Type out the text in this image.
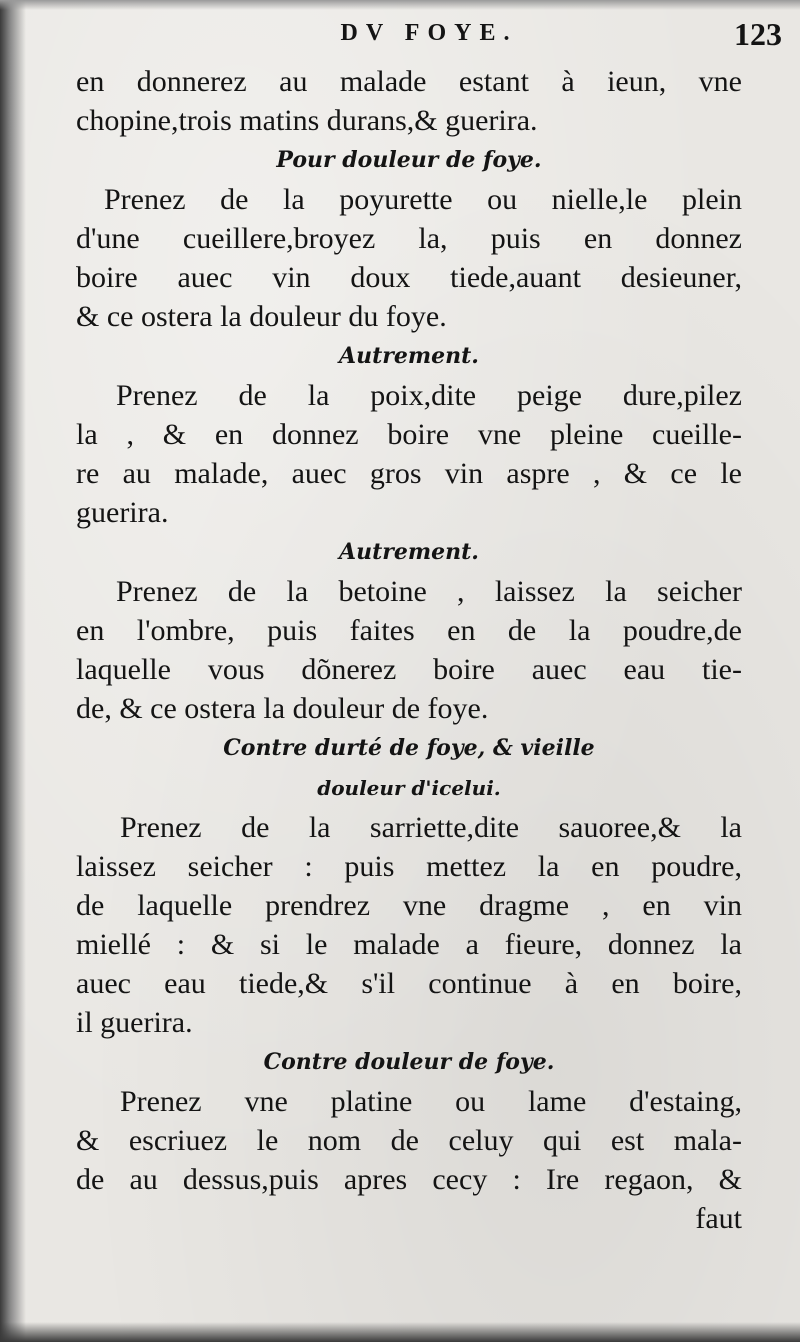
DV FOYE.	123
en donnerez au malade estant à ieun, vne
chopine,trois matins durans,& guerira.
Pour douleur de foye.
Prenez de la poyurette ou nielle,le plein
d'une cueillere,broyez la, puis en donnez
boire auec vin doux tiede,auant desieuner,
& ce ostera la douleur du foye.
Autrement.
Prenez de la poix,dite peige dure,pilez
la , & en donnez boire vne pleine cueille-
re au malade, auec gros vin aspre , & ce le
guerira.
Autrement.
Prenez de la betoine , laissez la seicher
en l'ombre, puis faites en de la poudre,de
laquelle vous dõnerez boire auec eau tie-
de, & ce ostera la douleur de foye.
Contre durté de foye, & vieille
douleur d'icelui.
Prenez de la sarriette,dite sauoree,& la
laissez seicher : puis mettez la en poudre,
de laquelle prendrez vne dragme , en vin
miellé : & si le malade a fieure, donnez la
auec eau tiede,& s'il continue à en boire,
il guerira.
Contre douleur de foye.
Prenez vne platine ou lame d'estaing,
& escriuez le nom de celuy qui est mala-
de au dessus,puis apres cecy : Ire regaon, &
faut
